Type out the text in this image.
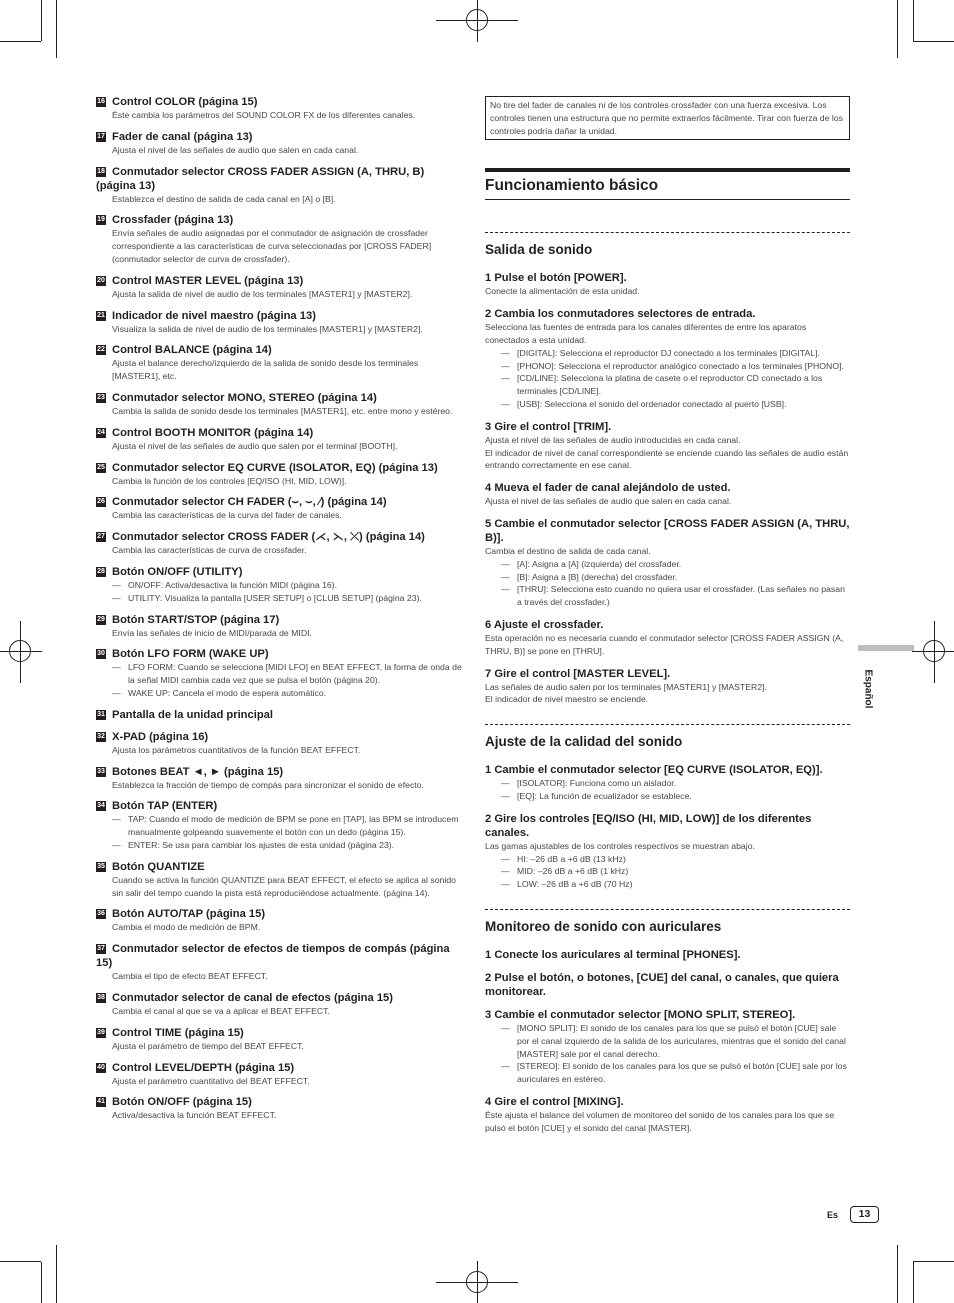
16 Control COLOR (página 15)
Éste cambia los parámetros del SOUND COLOR FX de los diferentes canales.
17 Fader de canal (página 13)
Ajusta el nivel de las señales de audio que salen en cada canal.
18 Conmutador selector CROSS FADER ASSIGN (A, THRU, B) (página 13)
Establezca el destino de salida de cada canal en [A] o [B].
19 Crossfader (página 13)
Envía señales de audio asignadas por el conmutador de asignación de crossfader correspondiente a las características de curva seleccionadas por [CROSS FADER] (conmutador selector de curva de crossfader).
20 Control MASTER LEVEL (página 13)
Ajusta la salida de nivel de audio de los terminales [MASTER1] y [MASTER2].
21 Indicador de nivel maestro (página 13)
Visualiza la salida de nivel de audio de los terminales [MASTER1] y [MASTER2].
22 Control BALANCE (página 14)
Ajusta el balance derecho/izquierdo de la salida de sonido desde los terminales [MASTER1], etc.
23 Conmutador selector MONO, STEREO (página 14)
Cambia la salida de sonido desde los terminales [MASTER1], etc. entre mono y estéreo.
24 Control BOOTH MONITOR (página 14)
Ajusta el nivel de las señales de audio que salen por el terminal [BOOTH].
25 Conmutador selector EQ CURVE (ISOLATOR, EQ) (página 13)
Cambia la función de los controles [EQ/ISO (HI, MID, LOW)].
26 Conmutador selector CH FADER (⌣, ⌣, ⁄) (página 14)
Cambia las características de la curva del fader de canales.
27 Conmutador selector CROSS FADER (⋌, ⋋, ⤫) (página 14)
Cambia las características de curva de crossfader.
28 Botón ON/OFF (UTILITY)
— ON/OFF: Activa/desactiva la función MIDI (página 16).
— UTILITY: Visualiza la pantalla [USER SETUP] o [CLUB SETUP] (página 23).
29 Botón START/STOP (página 17)
Envía las señales de inicio de MIDI/parada de MIDI.
30 Botón LFO FORM (WAKE UP)
— LFO FORM: Cuando se selecciona [MIDI LFO] en BEAT EFFECT, la forma de onda de la señal MIDI cambia cada vez que se pulsa el botón (página 20).
— WAKE UP: Cancela el modo de espera automático.
31 Pantalla de la unidad principal
32 X-PAD (página 16)
Ajusta los parámetros cuantitativos de la función BEAT EFFECT.
33 Botones BEAT ◄, ► (página 15)
Establezca la fracción de tiempo de compás para sincronizar el sonido de efecto.
34 Botón TAP (ENTER)
— TAP: Cuando el modo de medición de BPM se pone en [TAP], las BPM se introducem manualmente golpeando suavemente el botón con un dedo (página 15).
— ENTER: Se usa para cambiar los ajustes de esta unidad (página 23).
35 Botón QUANTIZE
Cuando se activa la función QUANTIZE para BEAT EFFECT, el efecto se aplica al sonido sin salir del tempo cuando la pista está reproduciéndose actualmente. (página 14).
36 Botón AUTO/TAP (página 15)
Cambia el modo de medición de BPM.
37 Conmutador selector de efectos de tiempos de compás (página 15)
Cambia el tipo de efecto BEAT EFFECT.
38 Conmutador selector de canal de efectos (página 15)
Cambia el canal al que se va a aplicar el BEAT EFFECT.
39 Control TIME (página 15)
Ajusta el parámetro de tiempo del BEAT EFFECT.
40 Control LEVEL/DEPTH (página 15)
Ajusta el parámetro cuantitativo del BEAT EFFECT.
41 Botón ON/OFF (página 15)
Activa/desactiva la función BEAT EFFECT.
No tire del fader de canales ni de los controles crossfader con una fuerza excesiva. Los controles tienen una estructura que no permite extraerlos fácilmente. Tirar con fuerza de los controles podría dañar la unidad.
Funcionamiento básico
Salida de sonido
1 Pulse el botón [POWER].
Conecte la alimentación de esta unidad.
2 Cambia los conmutadores selectores de entrada.
Selecciona las fuentes de entrada para los canales diferentes de entre los aparatos conectados a esta unidad.
— [DIGITAL]: Selecciona el reproductor DJ conectado a los terminales [DIGITAL].
— [PHONO]: Selecciona el reproductor analógico conectado a los terminales [PHONO].
— [CD/LINE]: Selecciona la platina de casete o el reproductor CD conectado a los terminales [CD/LINE].
— [USB]: Selecciona el sonido del ordenador conectado al puerto [USB].
3 Gire el control [TRIM].
Ajusta el nivel de las señales de audio introducidas en cada canal.
El indicador de nivel de canal correspondiente se enciende cuando las señales de audio están entrando correctamente en ese canal.
4 Mueva el fader de canal alejándolo de usted.
Ajusta el nivel de las señales de audio que salen en cada canal.
5 Cambie el conmutador selector [CROSS FADER ASSIGN (A, THRU, B)].
Cambia el destino de salida de cada canal.
— [A]: Asigna a [A] (izquierda) del crossfader.
— [B]: Asigna a [B] (derecha) del crossfader.
— [THRU]: Selecciona esto cuando no quiera usar el crossfader. (Las señales no pasan a través del crossfader.)
6 Ajuste el crossfader.
Esta operación no es necesaria cuando el conmutador selector [CROSS FADER ASSIGN (A, THRU, B)] se pone en [THRU].
7 Gire el control [MASTER LEVEL].
Las señales de audio salen por los terminales [MASTER1] y [MASTER2].
El indicador de nivel maestro se enciende.
Ajuste de la calidad del sonido
1 Cambie el conmutador selector [EQ CURVE (ISOLATOR, EQ)].
— [ISOLATOR]: Funciona como un aislador.
— [EQ]: La función de ecualizador se establece.
2 Gire los controles [EQ/ISO (HI, MID, LOW)] de los diferentes canales.
Las gamas ajustables de los controles respectivos se muestran abajo.
— HI: –26 dB a +6 dB (13 kHz)
— MID: –26 dB a +6 dB (1 kHz)
— LOW: –26 dB a +6 dB (70 Hz)
Monitoreo de sonido con auriculares
1 Conecte los auriculares al terminal [PHONES].
2 Pulse el botón, o botones, [CUE] del canal, o canales, que quiera monitorear.
3 Cambie el conmutador selector [MONO SPLIT, STEREO].
— [MONO SPLIT]: El sonido de los canales para los que se pulsó el botón [CUE] sale por el canal izquierdo de la salida de los auriculares, mientras que el sonido del canal [MASTER] sale por el canal derecho.
— [STEREO]: El sonido de los canales para los que se pulsó el botón [CUE] sale por los auriculares en estéreo.
4 Gire el control [MIXING].
Éste ajusta el balance del volumen de monitoreo del sonido de los canales para los que se pulsó el botón [CUE] y el sonido del canal [MASTER].
Español
Es	13
